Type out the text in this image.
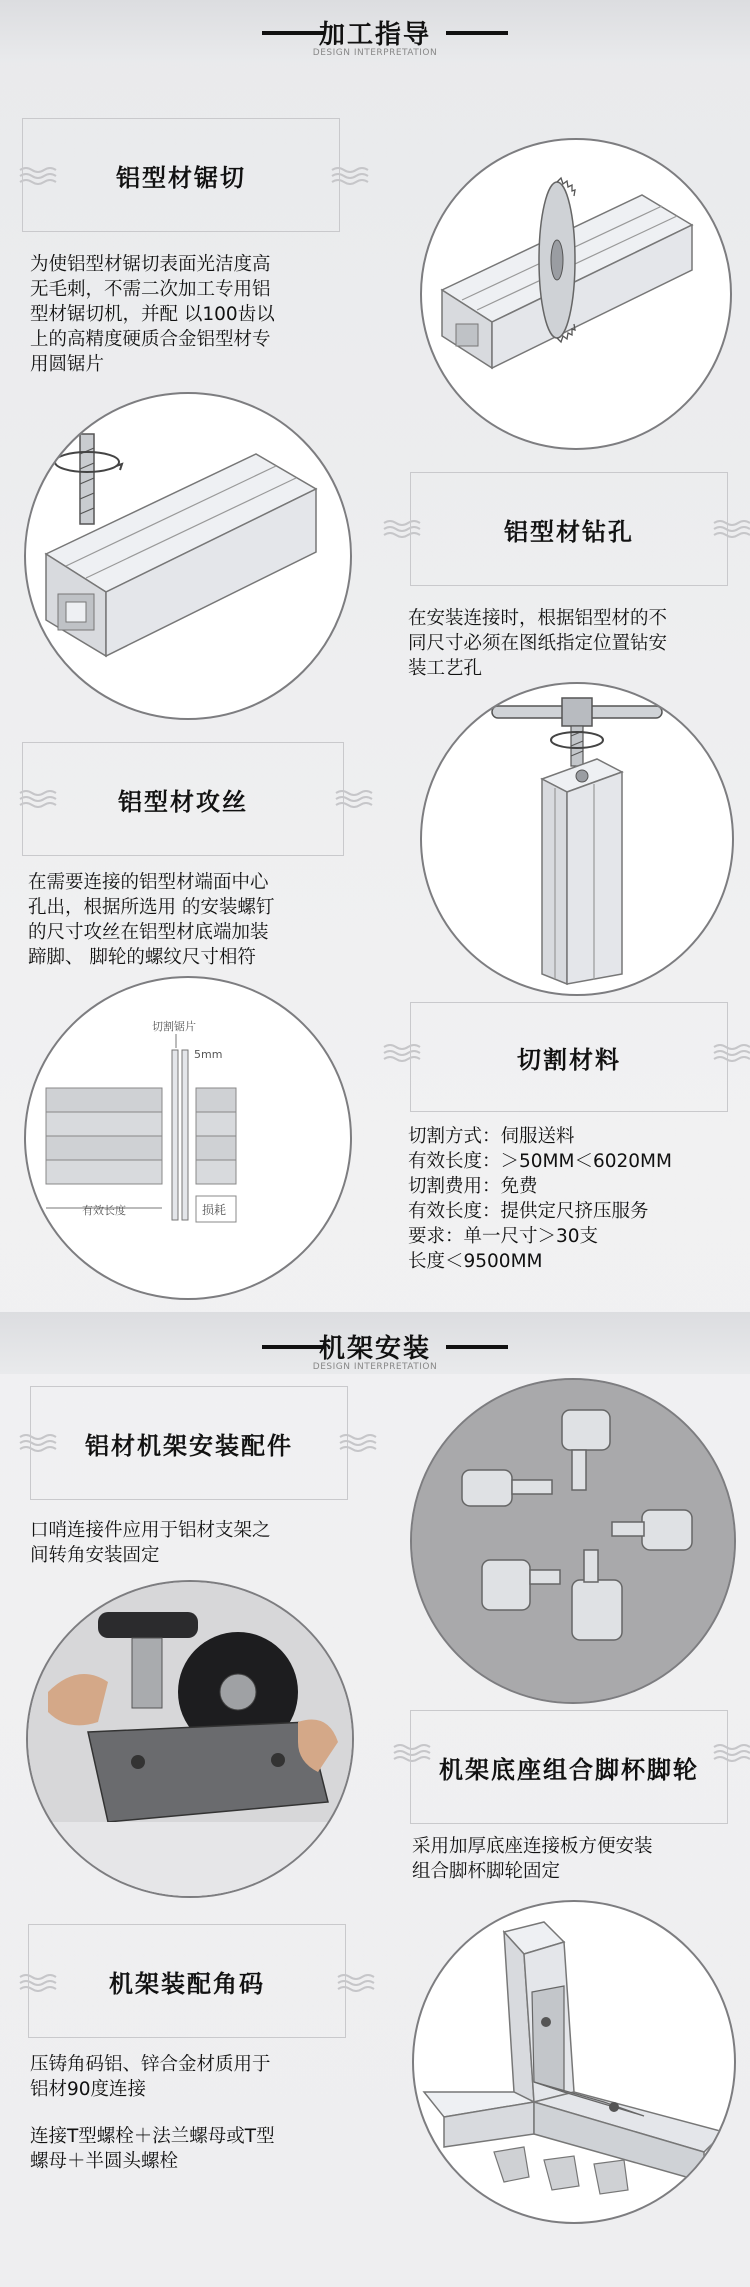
加工指导
DESIGN INTERPRETATION
铝型材锯切
为使铝型材锯切表面光洁度高
无毛刺，不需二次加工专用铝
型材锯切机，并配 以100齿以
上的高精度硬质合金铝型材专
用圆锯片
铝型材钻孔
在安装连接时，根据铝型材的不
同尺寸必须在图纸指定位置钻安
装工艺孔
铝型材攻丝
在需要连接的铝型材端面中心
孔出，根据所选用 的安装螺钉
的尺寸攻丝在铝型材底端加装
蹄脚、 脚轮的螺纹尺寸相符
切割锯片
5mm
有效长度	损耗
切割材料
切割方式：伺服送料
有效长度：＞50MM＜6020MM
切割费用：免费
有效长度：提供定尺挤压服务
要求：单一尺寸＞30支
长度＜9500MM
机架安装
DESIGN INTERPRETATION
铝材机架安装配件
口哨连接件应用于铝材支架之
间转角安装固定
机架底座组合脚杯脚轮
采用加厚底座连接板方便安装
组合脚杯脚轮固定
机架装配角码
压铸角码铝、锌合金材质用于
铝材90度连接
连接T型螺栓＋法兰螺母或T型
螺母＋半圆头螺栓
